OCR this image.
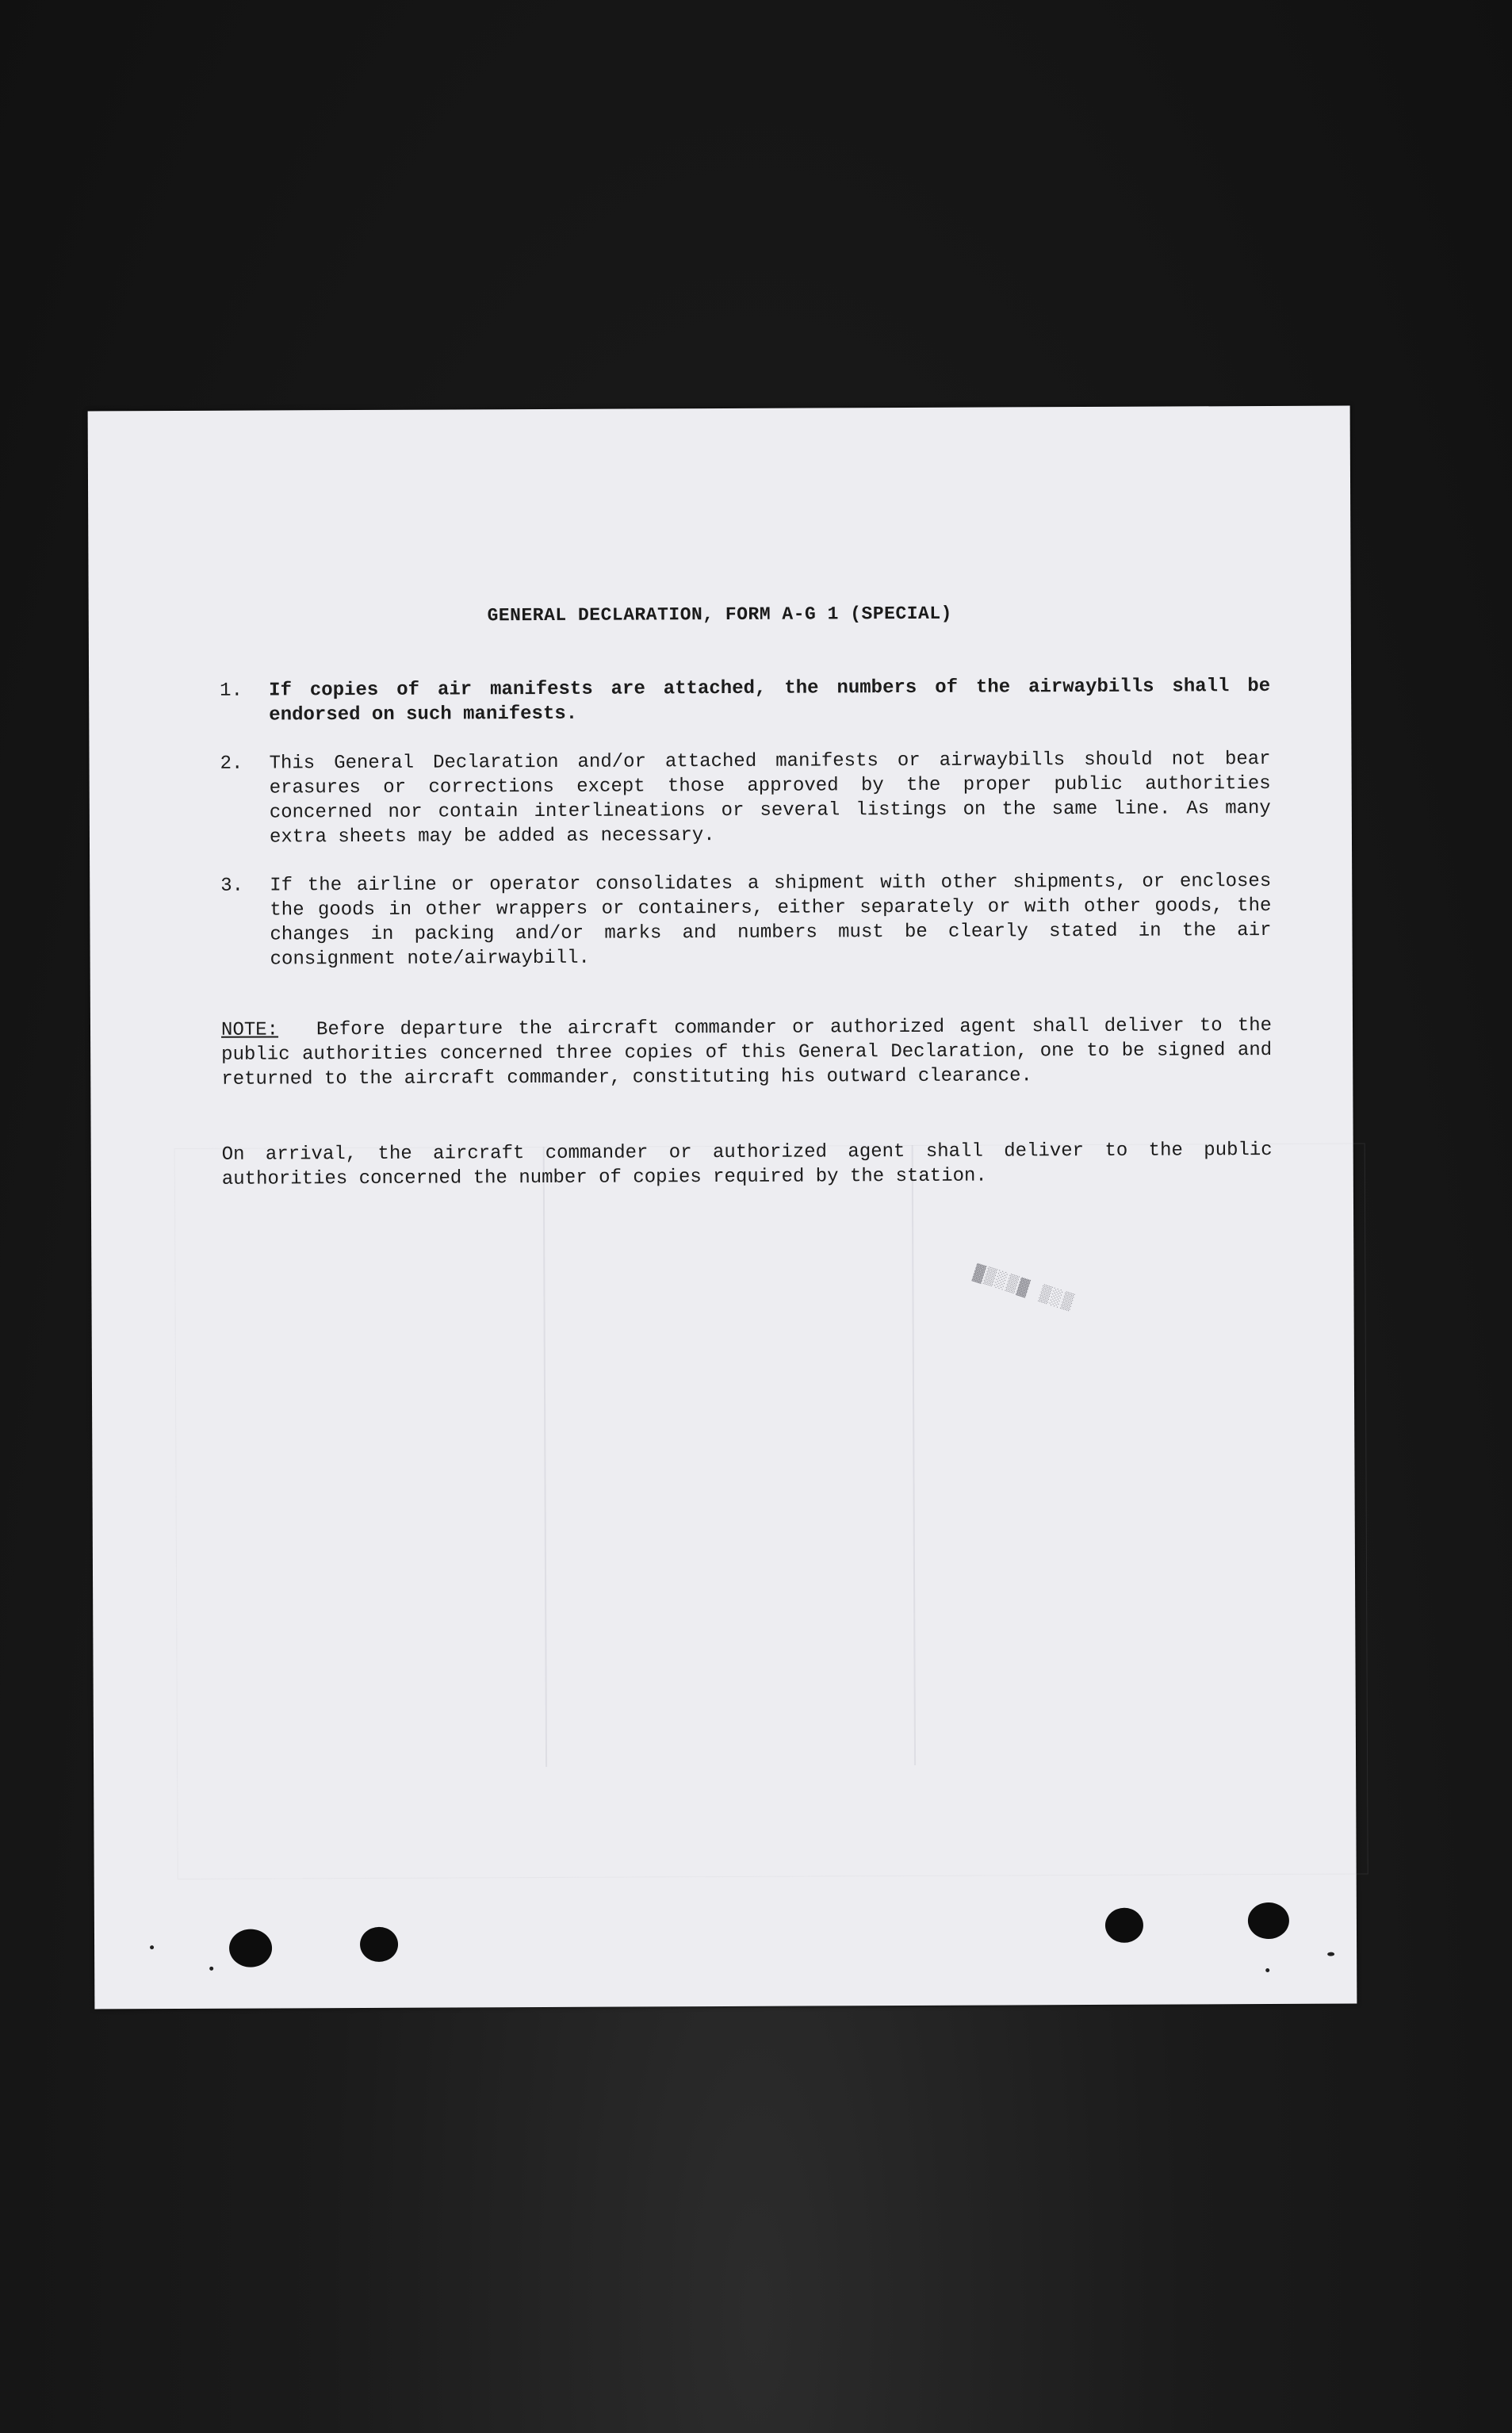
GENERAL DECLARATION, FORM A-G 1 (SPECIAL)
1.	If copies of air manifests are attached, the numbers of the airwaybills shall be endorsed on such manifests.
2.	This General Declaration and/or attached manifests or airwaybills should not bear erasures or corrections except those approved by the proper public authorities concerned nor contain interlineations or several listings on the same line. As many extra sheets may be added as necessary.
3.	If the airline or operator consolidates a shipment with other shipments, or encloses the goods in other wrappers or containers, either separately or with other goods, the changes in packing and/or marks and numbers must be clearly stated in the air consignment note/airwaybill.
NOTE: Before departure the aircraft commander or authorized agent shall deliver to the public authorities concerned three copies of this General Declaration, one to be signed and returned to the aircraft commander, constituting his outward clearance.
On arrival, the aircraft commander or authorized agent shall deliver to the public authorities concerned the number of copies required by the station.
▓▒░▒▓ ▒░▒
